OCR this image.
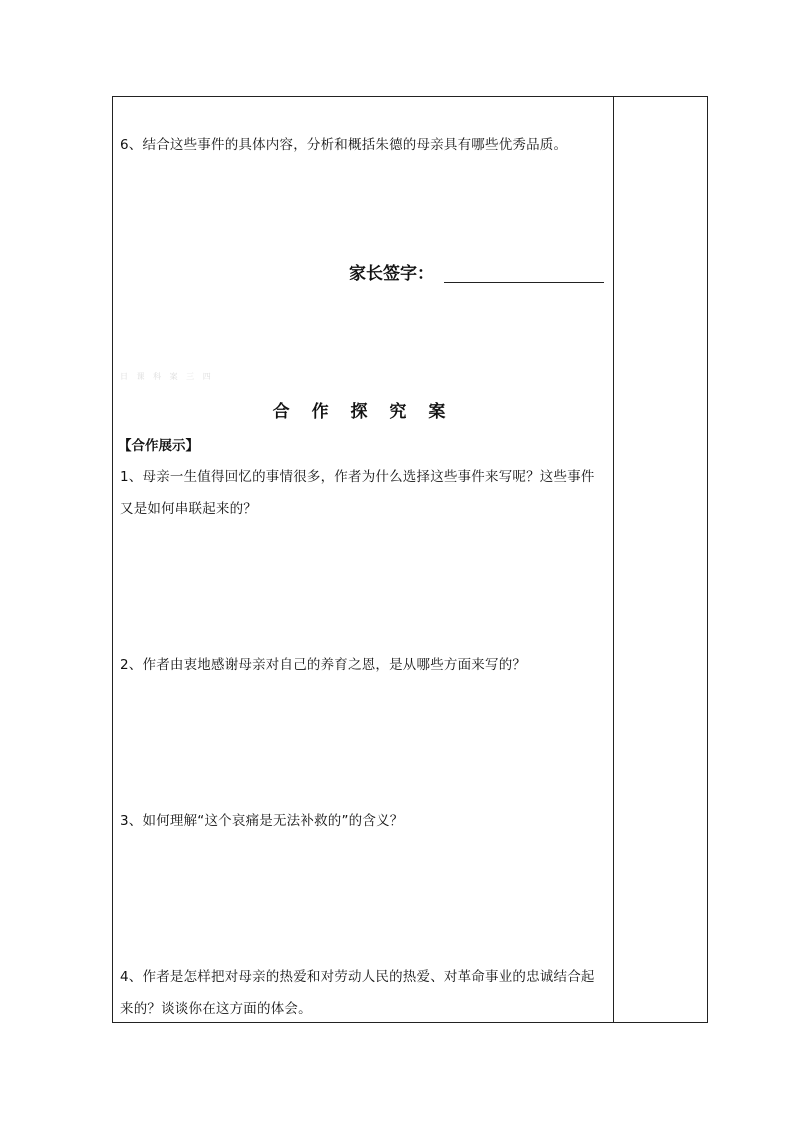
6、结合这些事件的具体内容，分析和概括朱德的母亲具有哪些优秀品质。

家长签字：
日 课 科 案 三 四
合 作 探 究 案
【合作展示】

1、母亲一生值得回忆的事情很多，作者为什么选择这些事件来写呢？这些事件又是如何串联起来的？

2、作者由衷地感谢母亲对自己的养育之恩，是从哪些方面来写的？

3、如何理解“这个哀痛是无法补救的”的含义？

4、作者是怎样把对母亲的热爱和对劳动人民的热爱、对革命事业的忠诚结合起来的？谈谈你在这方面的体会。
